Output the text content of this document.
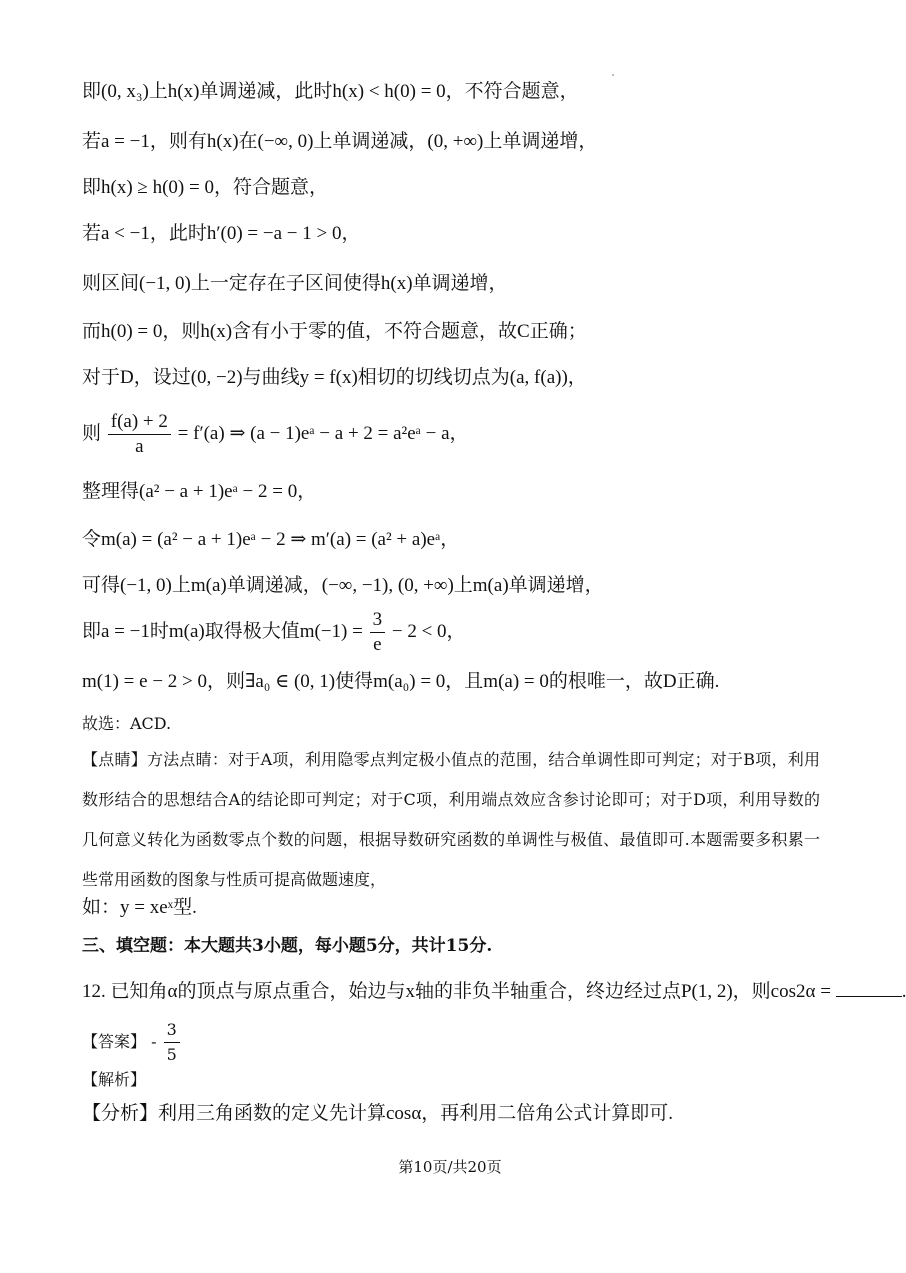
即(0, x₃)上h(x)单调递减，此时h(x) < h(0) = 0，不符合题意，
若a = −1，则有h(x)在(−∞, 0)上单调递减，(0, +∞)上单调递增，
即h(x) ≥ h(0) = 0，符合题意，
若a < −1，此时h′(0) = −a − 1 > 0，
则区间(−1, 0)上一定存在子区间使得h(x)单调递增，
而h(0) = 0，则h(x)含有小于零的值，不符合题意，故C正确；
对于D，设过(0, −2)与曲线y = f(x)相切的切线切点为(a, f(a))，
则 $\frac{f(a) + 2}{a} = f'(a)$ ⇒ (a − 1)eᵃ − a + 2 = a²eᵃ − a，
整理得(a² − a + 1)eᵃ − 2 = 0，
令m(a) = (a² − a + 1)eᵃ − 2 ⇒ m′(a) = (a² + a)eᵃ，
可得(−1, 0)上m(a)单调递减，(−∞, −1), (0, +∞)上m(a)单调递增，
即a = −1时m(a)取得极大值$m(-1) = \frac{3}{e} - 2 < 0$，
m(1) = e − 2 > 0，则∃a₀ ∈ (0, 1)使得m(a₀) = 0，且m(a) = 0的根唯一，故D正确.
故选：ACD.
【点睛】方法点睛：对于A项，利用隐零点判定极小值点的范围，结合单调性即可判定；对于B项，利用数形结合的思想结合A的结论即可判定；对于C项，利用端点效应含参讨论即可；对于D项，利用导数的几何意义转化为函数零点个数的问题，根据导数研究函数的单调性与极值、最值即可.本题需要多积累一些常用函数的图象与性质可提高做题速度，
如：y = xeˣ型.
三、填空题：本大题共3小题，每小题5分，共计15分.
12. 已知角α的顶点与原点重合，始边与x轴的非负半轴重合，终边经过点P(1, 2)，则cos2α =	.
【答案】 - $\frac{3}{5}$
【解析】
【分析】利用三角函数的定义先计算cosα，再利用二倍角公式计算即可.
第10页/共20页
